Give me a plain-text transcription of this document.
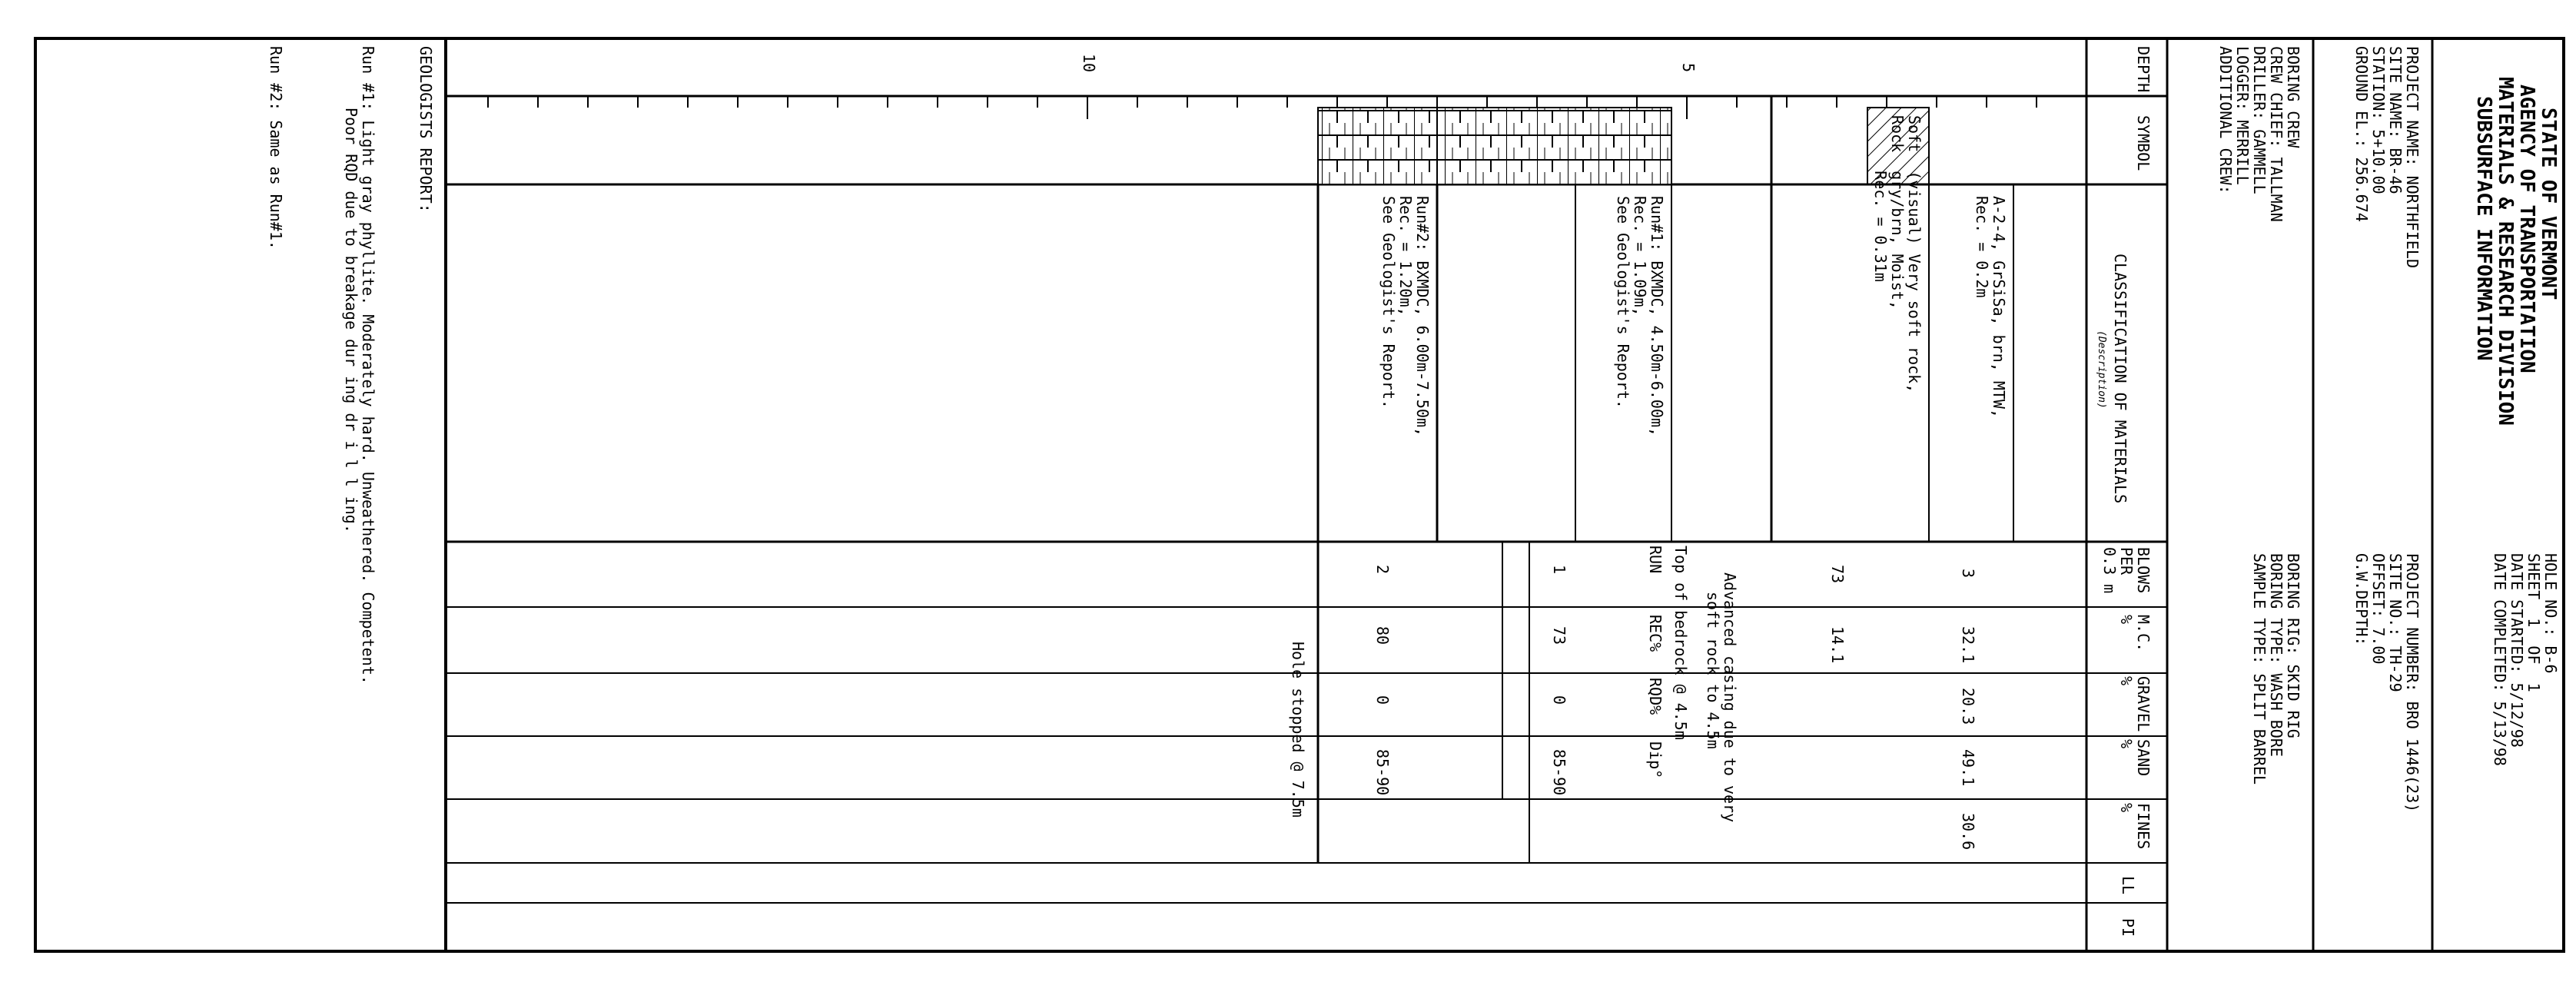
STATE OF VERMONT
AGENCY OF TRANSPORTATION
MATERIALS & RESEARCH DIVISION
SUBSURFACE INFORMATION
PROJECT NAME: NORTHFIELD
SITE NAME: BR-46
STATION: 5+10.00
GROUND EL.: 256.674
HOLE NO.: B-6
SHEET  1  OF  1
DATE STARTED: 5/12/98
DATE COMPLETED: 5/13/98
PROJECT NUMBER: BRO 1446(23)
SITE NO.: TH-29
OFFSET: 7.00
G.W.DEPTH:
BORING CREW
CREW CHIEF: TALLMAN
DRILLER: GAMMELL
LOGGER: MERRILL
ADDITIONAL CREW:
BORING RIG: SKID RIG
BORING TYPE: WASH BORE
SAMPLE TYPE: SPLIT BARREL
DEPTH
SYMBOL
CLASSIFICATION OF MATERIALS
(Description)
BLOWS PER 0.3 m
M.C. %
GRAVEL %
SAND %
FINES %
LL
PI
5
10
A-2-4, GrSiSa, brn, MTW,
Rec. = 0.2m
Soft  (visual) Very soft rock,
Rock  gry/brn, Moist,
Rec. = 0.31m
Run#1: BXMDC, 4.50m-6.00m,
Rec. = 1.09m,
See Geologist's Report.
Run#2: BXMDC, 6.00m-7.50m,
Rec. = 1.20m,
See Geologist's Report.
3
32.1
20.3
49.1
30.6
73
14.1
Advanced casing due to very
soft rock to 4.5m
Top of bedrock @ 4.5m
RUN
REC%
RQD%
Dip°
1
73
0
85-90
2
80
0
85-90
Hole stopped @ 7.5m
GEOLOGISTS REPORT:
Run #1: Light gray phyllite. Moderately hard. Unweathered. Competent.
Poor RQD due to breakage dur ing dr i l l ing.
Run #2: Same as Run#1.
